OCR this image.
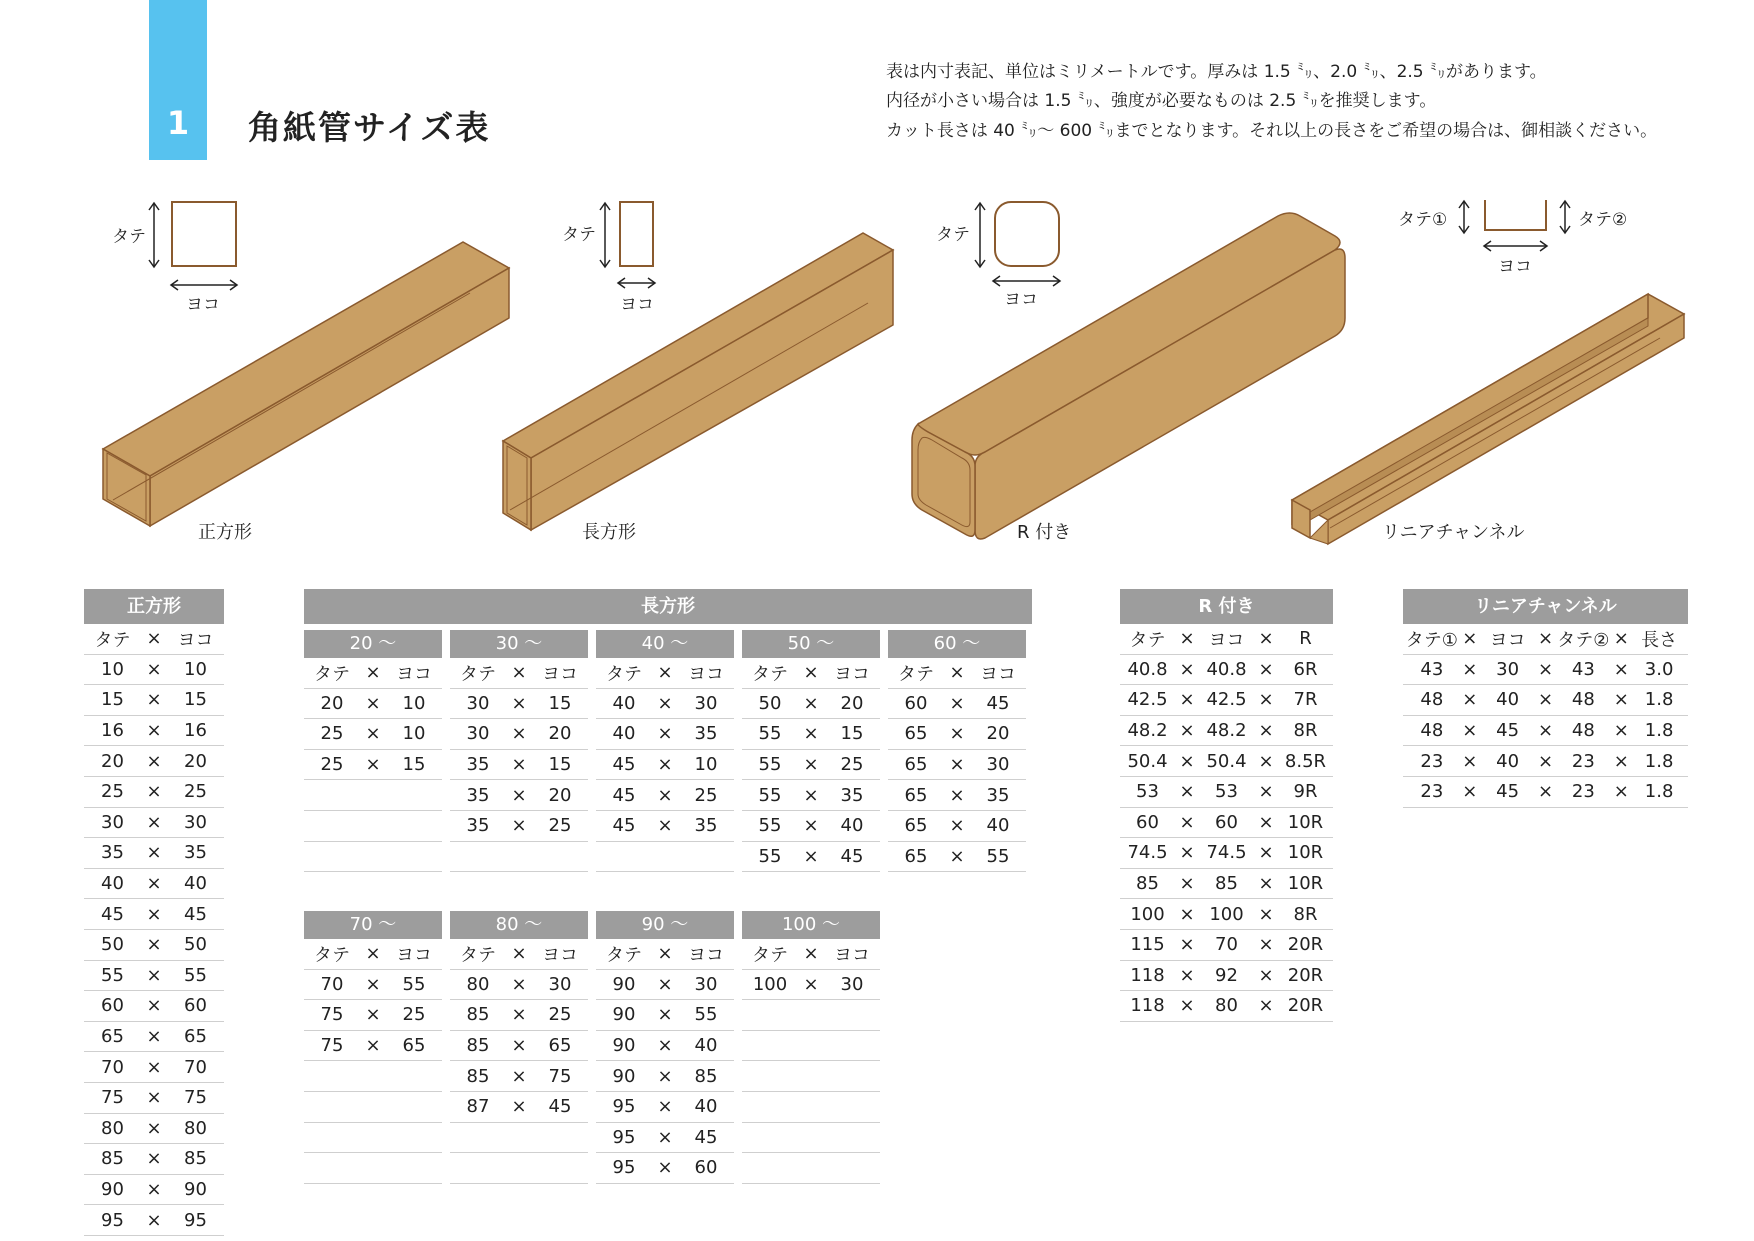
1	角紙管サイズ表
表は内寸表記、単位はミリメートルです。厚みは 1.5 ㍉、2.0 ㍉、2.5 ㍉があります。
内径が小さい場合は 1.5 ㍉、強度が必要なものは 2.5 ㍉を推奨します。
カット長さは 40 ㍉〜 600 ㍉までとなります。それ以上の長さをご希望の場合は、御相談ください。
タテ
ヨコ
タテ
ヨコ
タテ
ヨコ
タテ①	タテ②
ヨコ
正方形	長方形	R 付き	リニアチャンネル
正方形
タテ × ヨコ
10	×	10
15	×	15
16	×	16
20	×	20
25	×	25
30	×	30
35	×	35
40	×	40
45	×	45
50	×	50
55	×	55
60	×	60
65	×	65
70	×	70
75	×	75
80	×	80
85	×	85
90	×	90
95	×	95
長方形
20 〜
タテ × ヨコ
20	×	10
25	×	10
25	×	15
30 〜
タテ × ヨコ
30	×	15
30	×	20
35	×	15
35	×	20
35	×	25
40 〜
タテ × ヨコ
40	×	30
40	×	35
45	×	10
45	×	25
45	×	35
50 〜
タテ × ヨコ
50	×	20
55	×	15
55	×	25
55	×	35
55	×	40
55	×	45
60 〜
タテ × ヨコ
60	×	45
65	×	20
65	×	30
65	×	35
65	×	40
65	×	55
70 〜
タテ × ヨコ
70	×	55
75	×	25
75	×	65
80 〜
タテ × ヨコ
80	×	30
85	×	25
85	×	65
85	×	75
87	×	45
90 〜
タテ × ヨコ
90	×	30
90	×	55
90	×	40
90	×	85
95	×	40
95	×	45
95	×	60
100 〜
タテ × ヨコ
100 ×	30
R 付き
タテ × ヨコ ×	R
40.8 × 40.8 ×	6R
42.5 × 42.5 ×	7R
48.2 × 48.2 ×	8R
50.4 × 50.4 × 8.5R
53	×	53	×	9R
60	×	60	× 10R
74.5 × 74.5 × 10R
85	×	85	× 10R
100 × 100 ×	8R
115 ×	70	× 20R
118 ×	92	× 20R
118 ×	80	× 20R
リニアチャンネル
タテ① × ヨコ × タテ② × 長さ
43	×	30	×	43	× 3.0
48	×	40	×	48	× 1.8
48	×	45	×	48	× 1.8
23	×	40	×	23	× 1.8
23	×	45	×	23	× 1.8
